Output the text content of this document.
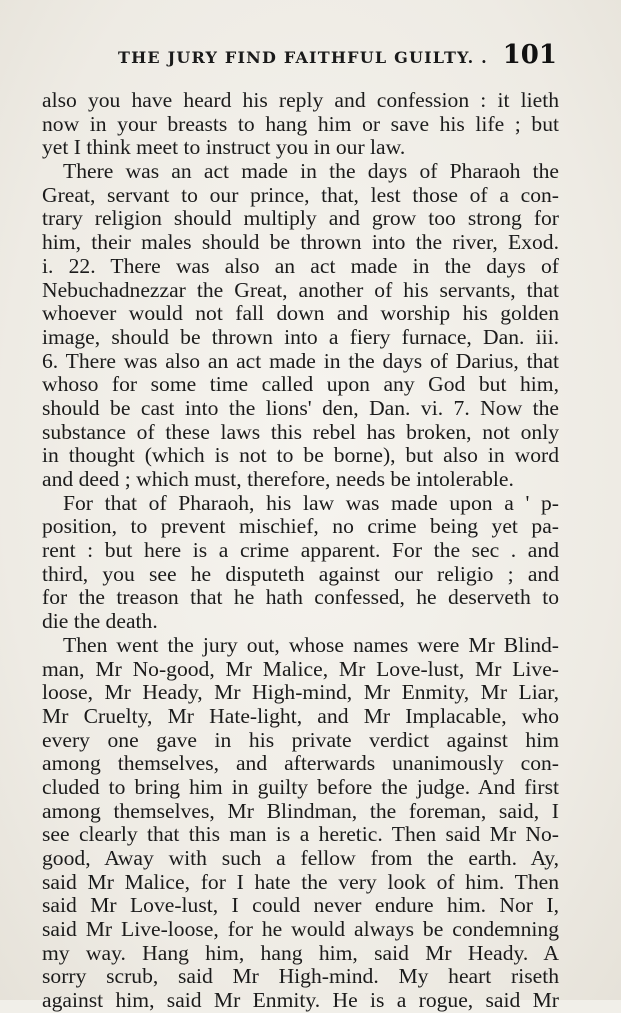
THE JURY FIND FAITHFUL GUILTY. . 101
also you have heard his reply and confession : it lieth
now in your breasts to hang him or save his life ; but
yet I think meet to instruct you in our law.
There was an act made in the days of Pharaoh the
Great, servant to our prince, that, lest those of a con-
trary religion should multiply and grow too strong for
him, their males should be thrown into the river, Exod.
i. 22. There was also an act made in the days of
Nebuchadnezzar the Great, another of his servants, that
whoever would not fall down and worship his golden
image, should be thrown into a fiery furnace, Dan. iii.
6. There was also an act made in the days of Darius, that
whoso for some time called upon any God but him,
should be cast into the lions' den, Dan. vi. 7. Now the
substance of these laws this rebel has broken, not only
in thought (which is not to be borne), but also in word
and deed ; which must, therefore, needs be intolerable.
For that of Pharaoh, his law was made upon a ' p-
position, to prevent mischief, no crime being yet pa-
rent : but here is a crime apparent. For the sec . and
third, you see he disputeth against our religio ; and
for the treason that he hath confessed, he deserveth to
die the death.
Then went the jury out, whose names were Mr Blind-
man, Mr No-good, Mr Malice, Mr Love-lust, Mr Live-
loose, Mr Heady, Mr High-mind, Mr Enmity, Mr Liar,
Mr Cruelty, Mr Hate-light, and Mr Implacable, who
every one gave in his private verdict against him
among themselves, and afterwards unanimously con-
cluded to bring him in guilty before the judge. And first
among themselves, Mr Blindman, the foreman, said, I
see clearly that this man is a heretic. Then said Mr No-
good, Away with such a fellow from the earth. Ay,
said Mr Malice, for I hate the very look of him. Then
said Mr Love-lust, I could never endure him. Nor I,
said Mr Live-loose, for he would always be condemning
my way. Hang him, hang him, said Mr Heady. A
sorry scrub, said Mr High-mind. My heart riseth
against him, said Mr Enmity. He is a rogue, said Mr
